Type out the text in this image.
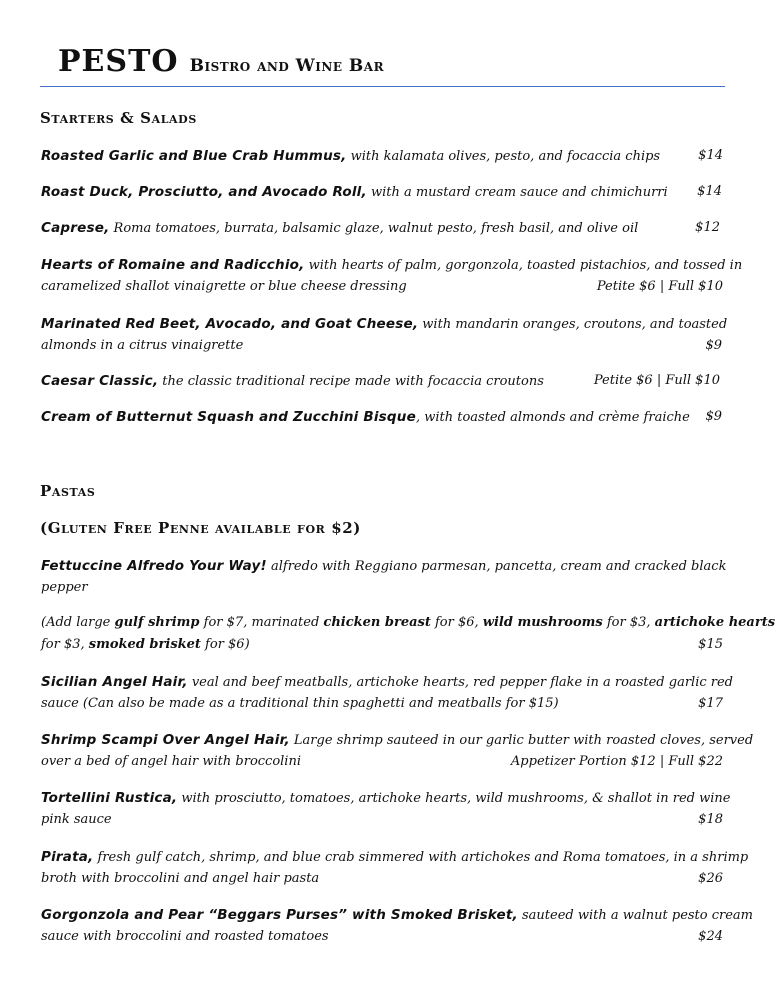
PESTO Bistro and Wine Bar
Starters & Salads
Roasted Garlic and Blue Crab Hummus, with kalamata olives, pesto, and focaccia chips	$14
Roast Duck, Prosciutto, and Avocado Roll, with a mustard cream sauce and chimichurri $14
Caprese, Roma tomatoes, burrata, balsamic glaze, walnut pesto, fresh basil, and olive oil	$12
Hearts of Romaine and Radicchio, with hearts of palm, gorgonzola, toasted pistachios, and tossed in
caramelized shallot vinaigrette or blue cheese dressing	Petite $6 | Full $10
Marinated Red Beet, Avocado, and Goat Cheese, with mandarin oranges, croutons, and toasted
almonds in a citrus vinaigrette	$9
Caesar Classic, the classic traditional recipe made with focaccia croutons	Petite $6 | Full $10
Cream of Butternut Squash and Zucchini Bisque, with toasted almonds and crème fraiche $9
Pastas
(Gluten Free Penne available for $2)
Fettuccine Alfredo Your Way! alfredo with Reggiano parmesan, pancetta, cream and cracked black
pepper
(Add large gulf shrimp for $7, marinated chicken breast for $6, wild mushrooms for $3, artichoke hearts
for $3, smoked brisket for $6)	$15
Sicilian Angel Hair, veal and beef meatballs, artichoke hearts, red pepper flake in a roasted garlic red
sauce (Can also be made as a traditional thin spaghetti and meatballs for $15)	$17
Shrimp Scampi Over Angel Hair, Large shrimp sauteed in our garlic butter with roasted cloves, served
over a bed of angel hair with broccolini	Appetizer Portion $12 | Full $22
Tortellini Rustica, with prosciutto, tomatoes, artichoke hearts, wild mushrooms, & shallot in red wine
pink sauce	$18
Pirata, fresh gulf catch, shrimp, and blue crab simmered with artichokes and Roma tomatoes, in a shrimp
broth with broccolini and angel hair pasta	$26
Gorgonzola and Pear “Beggars Purses” with Smoked Brisket, sauteed with a walnut pesto cream
sauce with broccolini and roasted tomatoes	$24
